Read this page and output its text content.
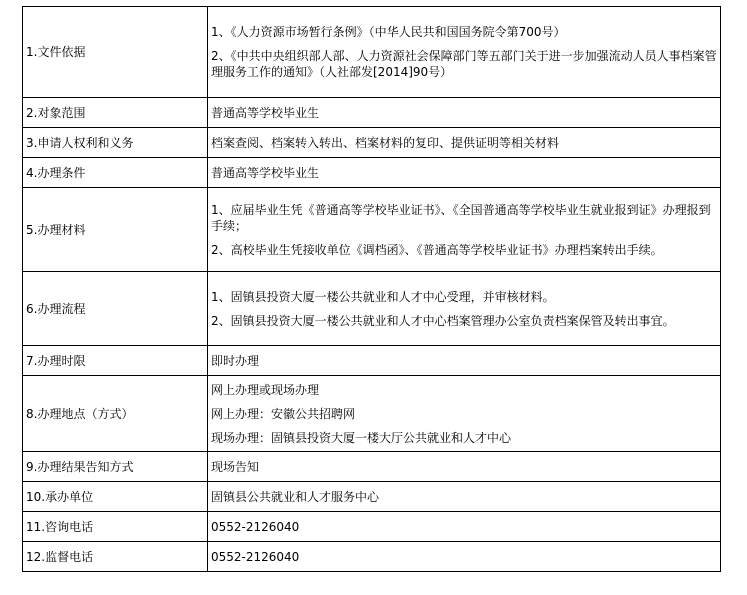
1.文件依据	1、《人力资源市场暂行条例》（中华人民共和国国务院令第700号）
2、《中共中央组织部人部、人力资源社会保障部门等五部门关于进一步加强流动人员人事档案管理服务工作的通知》（人社部发[2014]90号）

2.对象范围	普通高等学校毕业生
3.申请人权利和义务	档案查阅、档案转入转出、档案材料的复印、提供证明等相关材料
4.办理条件	普通高等学校毕业生
5.办理材料	1、应届毕业生凭《普通高等学校毕业证书》、《全国普通高等学校毕业生就业报到证》办理报到手续；
2、高校毕业生凭接收单位《调档函》、《普通高等学校毕业证书》办理档案转出手续。

6.办理流程	1、固镇县投资大厦一楼公共就业和人才中心受理，并审核材料。
2、固镇县投资大厦一楼公共就业和人才中心档案管理办公室负责档案保管及转出事宜。

7.办理时限	即时办理
8.办理地点（方式）	网上办理或现场办理
网上办理：安徽公共招聘网
现场办理：固镇县投资大厦一楼大厅公共就业和人才中心

9.办理结果告知方式	现场告知
10.承办单位	固镇县公共就业和人才服务中心
11.咨询电话	0552-2126040
12.监督电话	0552-2126040
